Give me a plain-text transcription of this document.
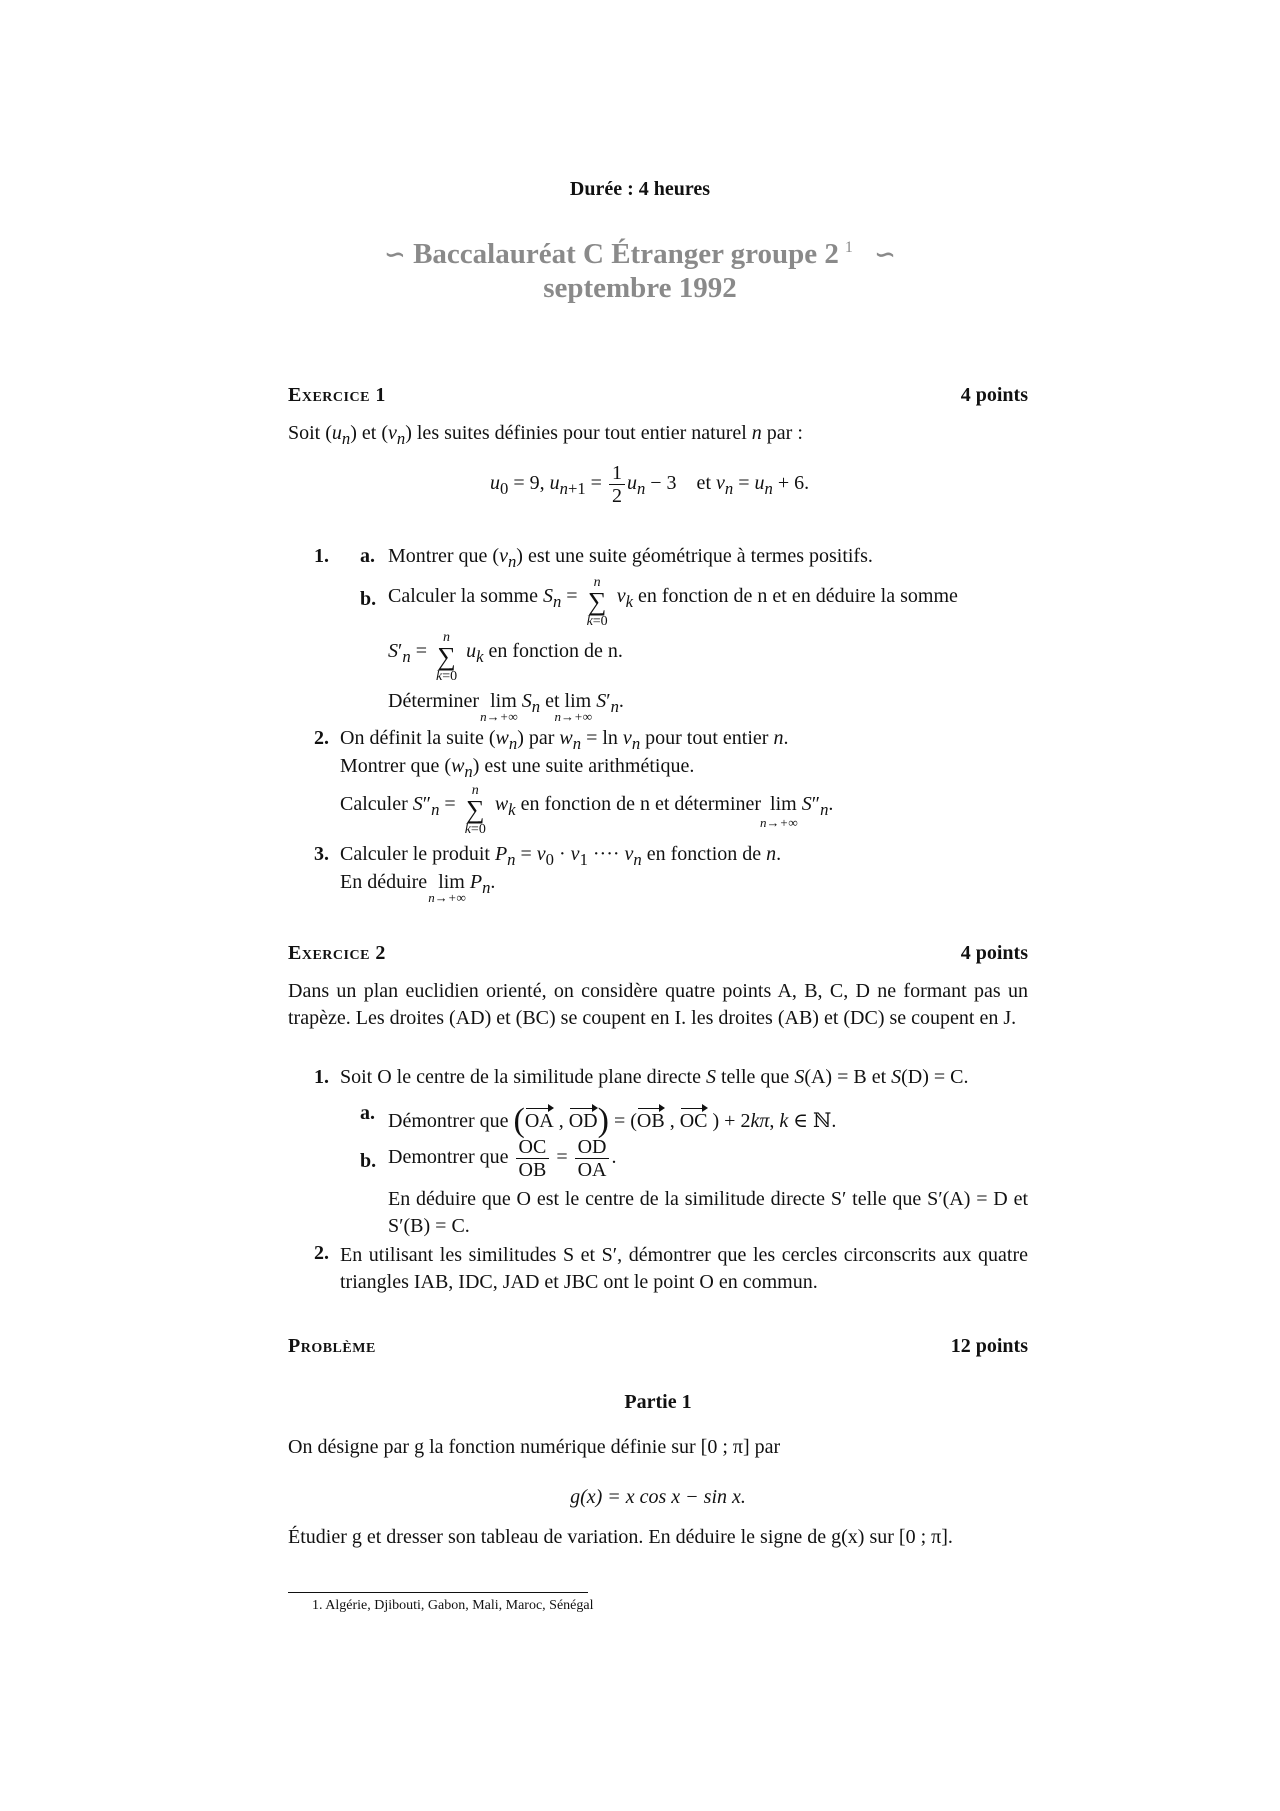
Durée : 4 heures
∽ Baccalauréat C Étranger groupe 2 $^1$ ∽
septembre 1992
Exercice 1	4 points
Soit $(u_n)$ et $(v_n)$ les suites définies pour tout entier naturel n par :
$u_0 = 9$, $u_{n+1} = \frac{1}{2} u_n - 3$    et $v_n = u_n + 6$.
1. a. Montrer que $(v_n)$ est une suite géométrique à termes positifs.
b. Calculer la somme $S_n = n$
∑
k=0 $v_k$ en fonction de n et en déduire la somme
$S'_n = n$
∑
k=0 $u_k$ en fonction de n.
Déterminer lim
n→+∞
$S_n$ et lim
n→+∞
$S'_n$.
2. On définit la suite $(w_n)$ par $w_n = \ln v_n$ pour tout entier n.
Montrer que $(w_n)$ est une suite arithmétique.
Calculer $S''_n = n$
∑
k=0 $w_k$ en fonction de n et déterminer lim
n→+∞
$S''_n$.
3. Calculer le produit $P_n = v_0 \cdot v_1$ ···· $v_n$ en fonction de n.
En déduire lim
n→+∞
$P_n$.
Exercice 2	4 points
Dans un plan euclidien orienté, on considère quatre points A, B, C, D ne formant pas un trapèze. Les droites (AD) et (BC) se coupent en I. les droites (AB) et (DC) se coupent en J.
1. Soit O le centre de la similitude plane directe S telle que S(A) = B et S(D) = C.
a. Démontrer que (OA , OD) = (OB , OC ) + 2kπ, k ∈ ℕ.
b. Demontrer que $\frac{OC}{OB} = \frac{OD}{OA}$ .
En déduire que O est le centre de la similitude directe S′ telle que S′(A) = D et S′(B) = C.
2. En utilisant les similitudes S et S′, démontrer que les cercles circonscrits aux quatre triangles IAB, IDC, JAD et JBC ont le point O en commun.
Problème	12 points
Partie 1
On désigne par g la fonction numérique définie sur [0 ; π] par
g(x) = x cos x − sin x.
Étudier g et dresser son tableau de variation. En déduire le signe de g(x) sur [0 ; π].
1. Algérie, Djibouti, Gabon, Mali, Maroc, Sénégal
